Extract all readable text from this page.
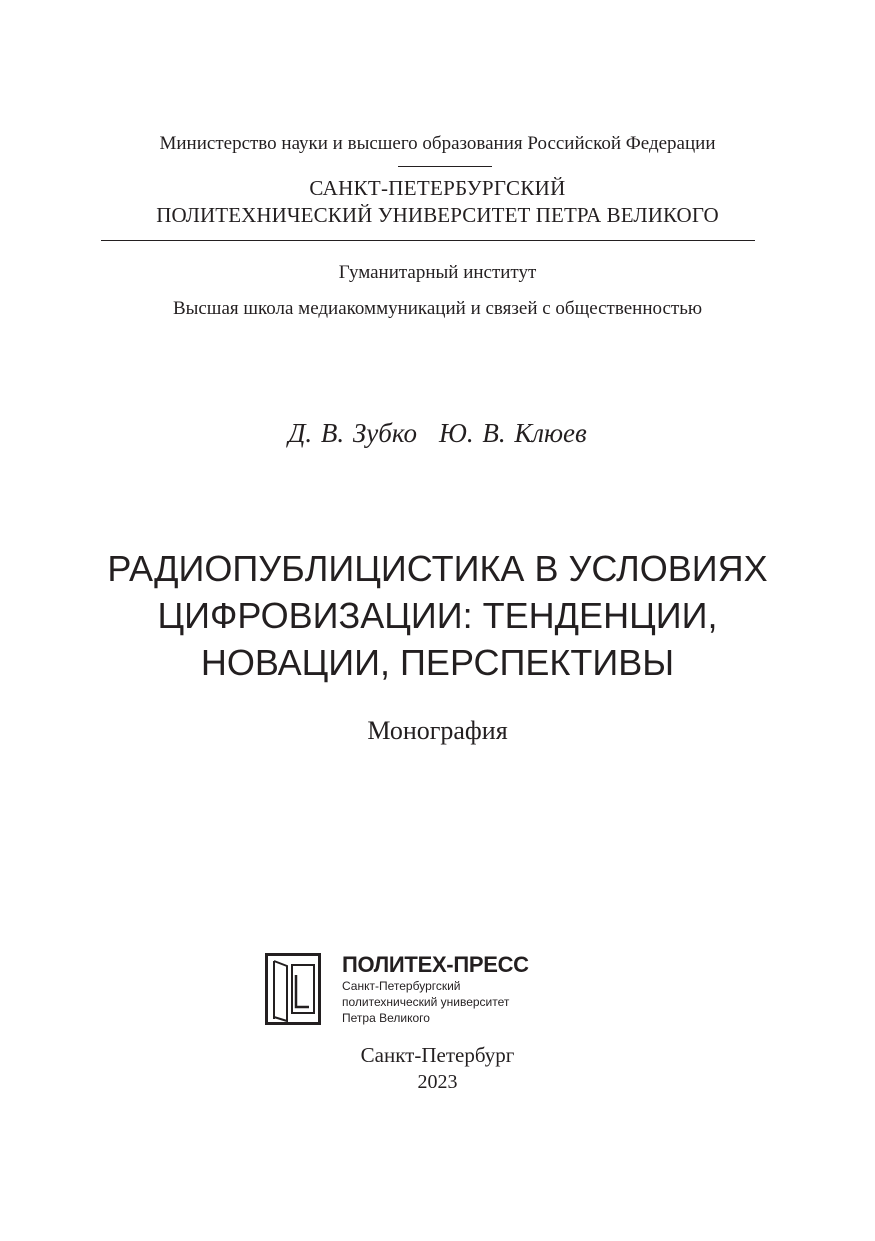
Министерство науки и высшего образования Российской Федерации
САНКТ-ПЕТЕРБУРГСКИЙ
ПОЛИТЕХНИЧЕСКИЙ УНИВЕРСИТЕТ ПЕТРА ВЕЛИКОГО
Гуманитарный институт
Высшая школа медиакоммуникаций и связей с общественностью
Д. В. Зубко Ю. В. Клюев
РАДИОПУБЛИЦИСТИКА В УСЛОВИЯХ
ЦИФРОВИЗАЦИИ: ТЕНДЕНЦИИ,
НОВАЦИИ, ПЕРСПЕКТИВЫ
Монография
ПОЛИТЕХ-ПРЕСС
Санкт-Петербургский
политехнический университет
Петра Великого
Санкт-Петербург
2023
